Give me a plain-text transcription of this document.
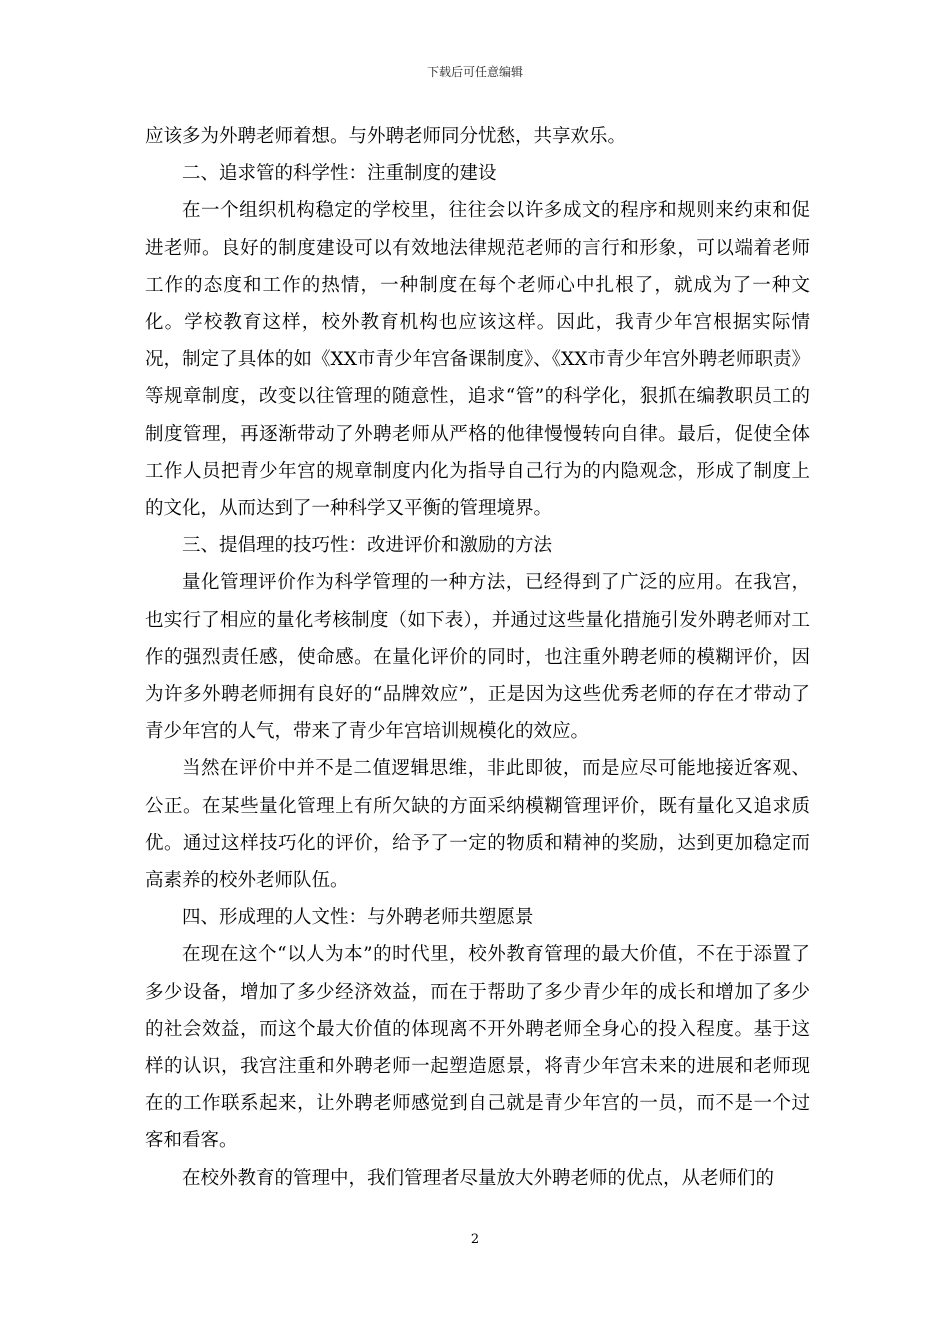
下载后可任意编辑

应该多为外聘老师着想。与外聘老师同分忧愁，共享欢乐。

二、追求管的科学性：注重制度的建设

在一个组织机构稳定的学校里，往往会以许多成文的程序和规则来约束和促进老师。良好的制度建设可以有效地法律规范老师的言行和形象，可以端着老师工作的态度和工作的热情，一种制度在每个老师心中扎根了，就成为了一种文化。学校教育这样，校外教育机构也应该这样。因此，我青少年宫根据实际情况，制定了具体的如《XX市青少年宫备课制度》、《XX市青少年宫外聘老师职责》等规章制度，改变以往管理的随意性，追求“管”的科学化，狠抓在编教职员工的制度管理，再逐渐带动了外聘老师从严格的他律慢慢转向自律。最后，促使全体工作人员把青少年宫的规章制度内化为指导自己行为的内隐观念，形成了制度上的文化，从而达到了一种科学又平衡的管理境界。

三、提倡理的技巧性：改进评价和激励的方法

量化管理评价作为科学管理的一种方法，已经得到了广泛的应用。在我宫，也实行了相应的量化考核制度（如下表），并通过这些量化措施引发外聘老师对工作的强烈责任感，使命感。在量化评价的同时，也注重外聘老师的模糊评价，因为许多外聘老师拥有良好的“品牌效应”，正是因为这些优秀老师的存在才带动了青少年宫的人气，带来了青少年宫培训规模化的效应。

当然在评价中并不是二值逻辑思维，非此即彼，而是应尽可能地接近客观、公正。在某些量化管理上有所欠缺的方面采纳模糊管理评价，既有量化又追求质优。通过这样技巧化的评价，给予了一定的物质和精神的奖励，达到更加稳定而高素养的校外老师队伍。

四、形成理的人文性：与外聘老师共塑愿景

在现在这个“以人为本”的时代里，校外教育管理的最大价值，不在于添置了多少设备，增加了多少经济效益，而在于帮助了多少青少年的成长和增加了多少的社会效益，而这个最大价值的体现离不开外聘老师全身心的投入程度。基于这样的认识，我宫注重和外聘老师一起塑造愿景，将青少年宫未来的进展和老师现在的工作联系起来，让外聘老师感觉到自己就是青少年宫的一员，而不是一个过客和看客。

在校外教育的管理中，我们管理者尽量放大外聘老师的优点，从老师们的

2
